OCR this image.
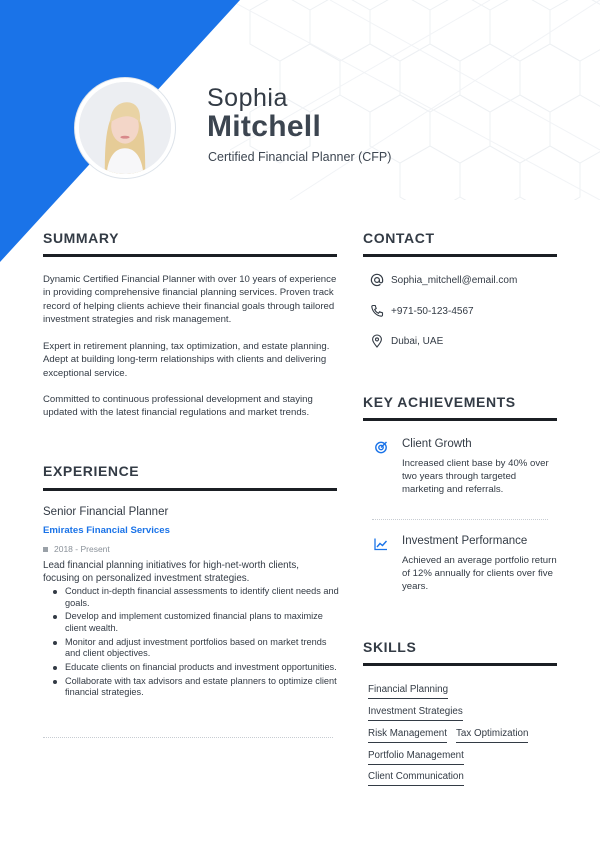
Sophia
Mitchell
Certified Financial Planner (CFP)
SUMMARY
Dynamic Certified Financial Planner with over 10 years of experience in providing comprehensive financial planning services. Proven track record of helping clients achieve their financial goals through tailored investment strategies and risk management.
Expert in retirement planning, tax optimization, and estate planning. Adept at building long-term relationships with clients and delivering exceptional service.
Committed to continuous professional development and staying updated with the latest financial regulations and market trends.
CONTACT
Sophia_mitchell@email.com
+971-50-123-4567
Dubai, UAE
KEY ACHIEVEMENTS
Client Growth
Increased client base by 40% over two years through targeted marketing and referrals.
Investment Performance
Achieved an average portfolio return of 12% annually for clients over five years.
EXPERIENCE
Senior Financial Planner
Emirates Financial Services
2018 - Present
Lead financial planning initiatives for high-net-worth clients, focusing on personalized investment strategies.
Conduct in-depth financial assessments to identify client needs and goals.
Develop and implement customized financial plans to maximize client wealth.
Monitor and adjust investment portfolios based on market trends and client objectives.
Educate clients on financial products and investment opportunities.
Collaborate with tax advisors and estate planners to optimize client financial strategies.
SKILLS
Financial Planning
Investment Strategies
Risk Management Tax Optimization
Portfolio Management
Client Communication
